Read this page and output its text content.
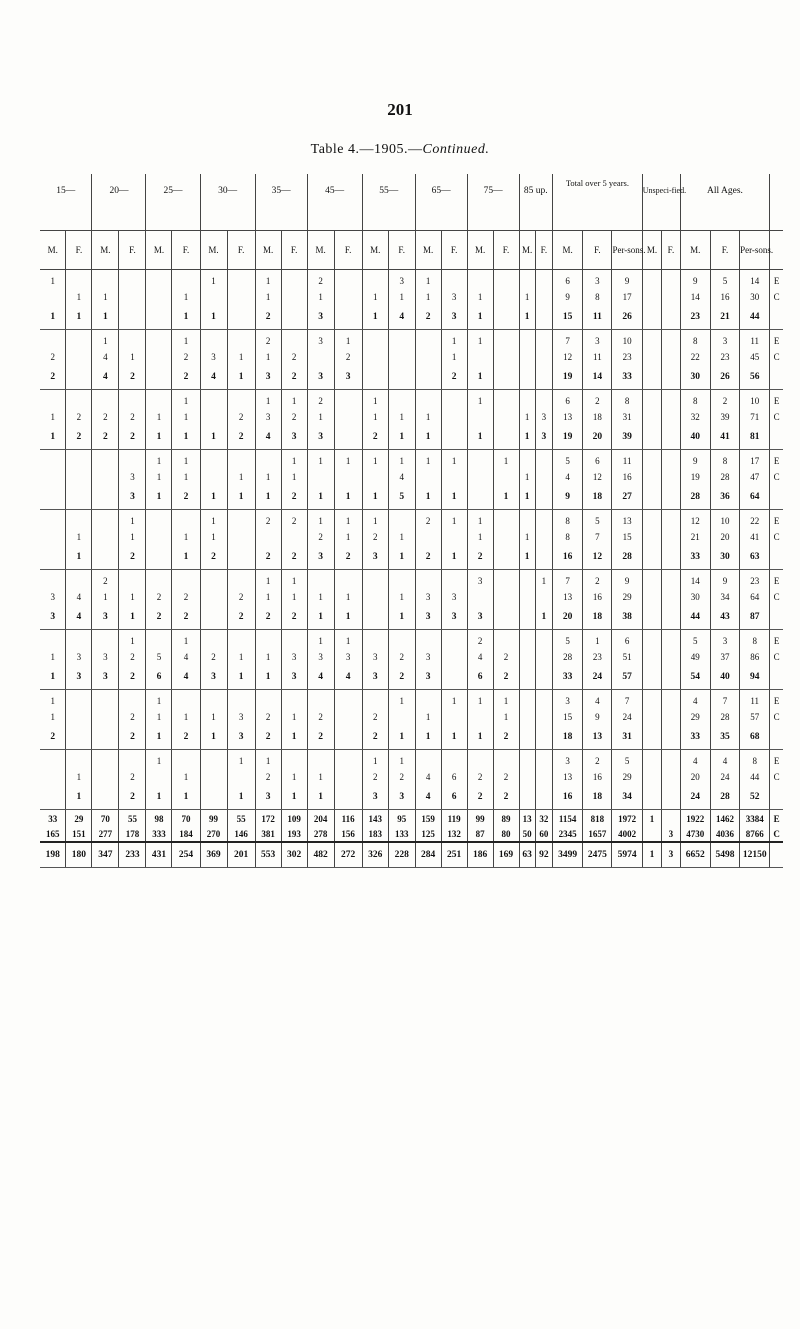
201
Table 4.—1905.—Continued.
15—		20—		25—		30—		35—		45—		55—		65—		75—		85 up.		Total over 5 years.			Unspeci-fied.		All Ages.			
M.	F.	M.	F.	M.	F.	M.	F.	M.	F.	M.	F.	M.	F.	M.	F.	M.	F.	M.	F.	M.	F.	Per-sons.	M.	F.	M.	F.	Per-sons.	
1						1		1		2			3	1						6	3	9			9	5	14	E
	1	1			1			1		1		1	1	1	3	1		1		9	8	17			14	16	30	C
1	1	1			1	1		2		3		1	4	2	3	1		1		15	11	26			23	21	44	
		1			1			2		3	1				1	1				7	3	10			8	3	11	E
2		4	1		2	3	1	1	2		2				1					12	11	23			22	23	45	C
2		4	2		2	4	1	3	2	3	3				2	1				19	14	33			30	26	56	
					1			1	1	2		1				1				6	2	8			8	2	10	E
1	2	2	2	1	1		2	3	2	1		1	1	1				1	3	13	18	31			32	39	71	C
1	2	2	2	1	1	1	2	4	3	3		2	1	1		1		1	3	19	20	39			40	41	81	
				1	1				1	1	1	1	1	1	1		1			5	6	11			9	8	17	E
			3	1	1		1	1	1				4					1		4	12	16			19	28	47	C
			3	1	2	1	1	1	2	1	1	1	5	1	1		1	1		9	18	27			28	36	64	
			1			1		2	2	1	1	1		2	1	1				8	5	13			12	10	22	E
	1		1		1	1				2	1	2	1			1		1		8	7	15			21	20	41	C
	1		2		1	2		2	2	3	2	3	1	2	1	2		1		16	12	28			33	30	63	
		2						1	1							3			1	7	2	9			14	9	23	E
3	4	1	1	2	2		2	1	1	1	1		1	3	3					13	16	29			30	34	64	C
3	4	3	1	2	2		2	2	2	1	1		1	3	3	3			1	20	18	38			44	43	87	
			1		1					1	1					2				5	1	6			5	3	8	E
1	3	3	2	5	4	2	1	1	3	3	3	3	2	3		4	2			28	23	51			49	37	86	C
1	3	3	2	6	4	3	1	1	3	4	4	3	2	3		6	2			33	24	57			54	40	94	
1				1									1		1	1	1			3	4	7			4	7	11	E
1			2	1	1	1	3	2	1	2		2		1			1			15	9	24			29	28	57	C
2			2	1	2	1	3	2	1	2		2	1	1	1	1	2			18	13	31			33	35	68	
				1			1	1				1	1							3	2	5			4	4	8	E
	1		2		1			2	1	1		2	2	4	6	2	2			13	16	29			20	24	44	C
	1		2	1	1		1	3	1	1		3	3	4	6	2	2			16	18	34			24	28	52	
33	29	70	55	98	70	99	55	172	109	204	116	143	95	159	119	99	89	13	32	1154	818	1972	1		1922	1462	3384	E
165	151	277	178	333	184	270	146	381	193	278	156	183	133	125	132	87	80	50	60	2345	1657	4002		3	4730	4036	8766	C
198	180	347	233	431	254	369	201	553	302	482	272	326	228	284	251	186	169	63	92	3499	2475	5974	1	3	6652	5498	12150	
